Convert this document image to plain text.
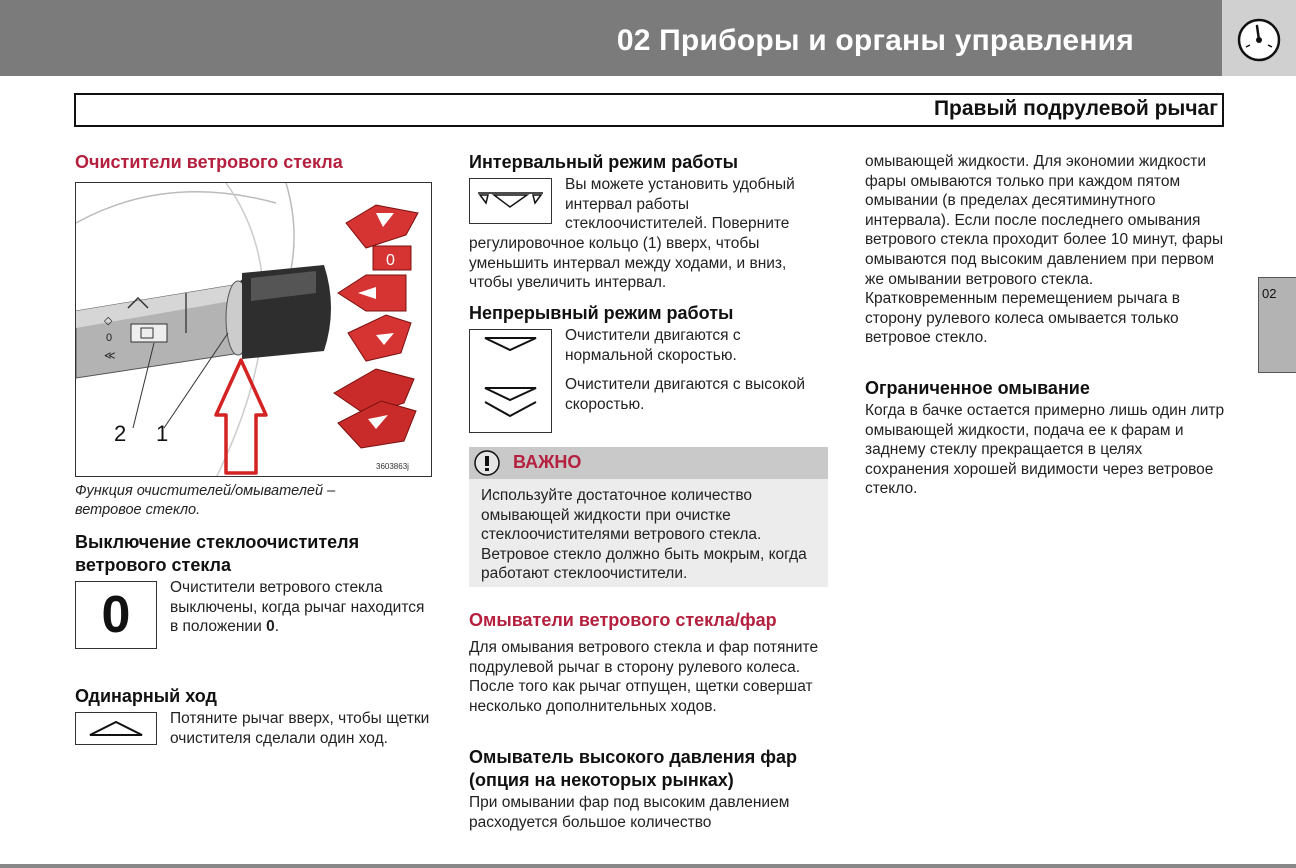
02 Приборы и органы управления
Правый подрулевой рычаг
02
Очистители ветрового стекла
◇
0
≪
0
2 1
3603863j
Функция очистителей/омывателей – ветровое стекло.
Выключение стеклоочистителя ветрового стекла
0	Очистители ветрового стекла выключены, когда рычаг находится в положении 0.
Одинарный ход
Потяните рычаг вверх, чтобы щетки очистителя сделали один ход.
Интервальный режим работы
Вы можете установить удобный интервал работы стеклоочистителей. Поверните
регулировочное кольцо (1) вверх, чтобы уменьшить интервал между ходами, и вниз, чтобы увеличить интервал.
Непрерывный режим работы
Очистители двигаются с нормальной скоростью.
Очистители двигаются с высокой скоростью.
ВАЖНО
Используйте достаточное количество омывающей жидкости при очистке стеклоочистителями ветрового стекла. Ветровое стекло должно быть мокрым, когда работают стеклоочистители.
Омыватели ветрового стекла/фар
Для омывания ветрового стекла и фар потяните подрулевой рычаг в сторону рулевого колеса. После того как рычаг отпущен, щетки совершат несколько дополнительных ходов.
Омыватель высокого давления фар (опция на некоторых рынках)
При омывании фар под высоким давлением расходуется большое количество
омывающей жидкости. Для экономии жидкости фары омываются только при каждом пятом омывании (в пределах десятиминутного интервала). Если после последнего омывания ветрового стекла проходит более 10 минут, фары омываются под высоким давлением при первом же омывании ветрового стекла. Кратковременным перемещением рычага в сторону рулевого колеса омывается только ветровое стекло.
Ограниченное омывание
Когда в бачке остается примерно лишь один литр омывающей жидкости, подача ее к фарам и заднему стеклу прекращается в целях сохранения хорошей видимости через ветровое стекло.
